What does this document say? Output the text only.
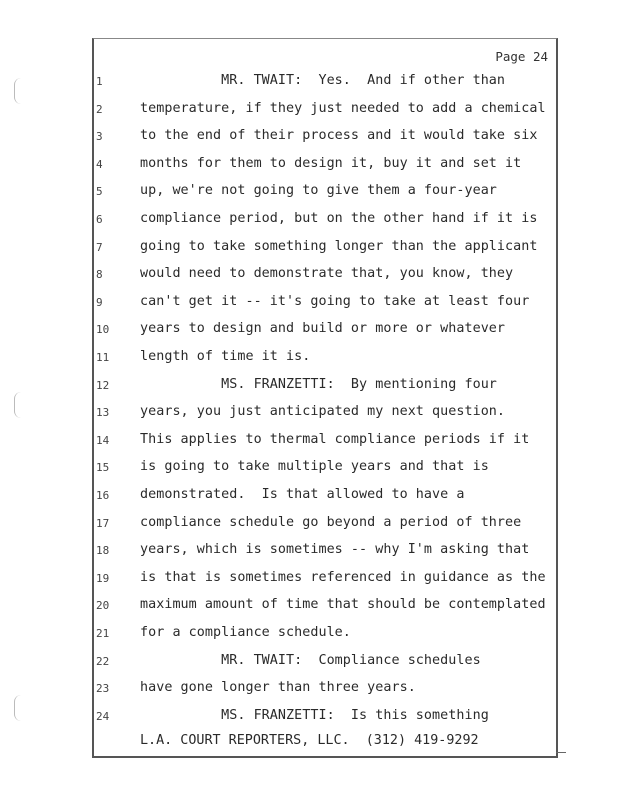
Page 24
1	MR. TWAIT:  Yes.  And if other than
2	temperature, if they just needed to add a chemical
3	to the end of their process and it would take six
4	months for them to design it, buy it and set it
5	up, we're not going to give them a four-year
6	compliance period, but on the other hand if it is
7	going to take something longer than the applicant
8	would need to demonstrate that, you know, they
9	can't get it -- it's going to take at least four
10	years to design and build or more or whatever
11	length of time it is.
12	MS. FRANZETTI:  By mentioning four
13	years, you just anticipated my next question.
14	This applies to thermal compliance periods if it
15	is going to take multiple years and that is
16	demonstrated.  Is that allowed to have a
17	compliance schedule go beyond a period of three
18	years, which is sometimes -- why I'm asking that
19	is that is sometimes referenced in guidance as the
20	maximum amount of time that should be contemplated
21	for a compliance schedule.
22	MR. TWAIT:  Compliance schedules
23	have gone longer than three years.
24	MS. FRANZETTI:  Is this something
L.A. COURT REPORTERS, LLC.  (312) 419-9292
